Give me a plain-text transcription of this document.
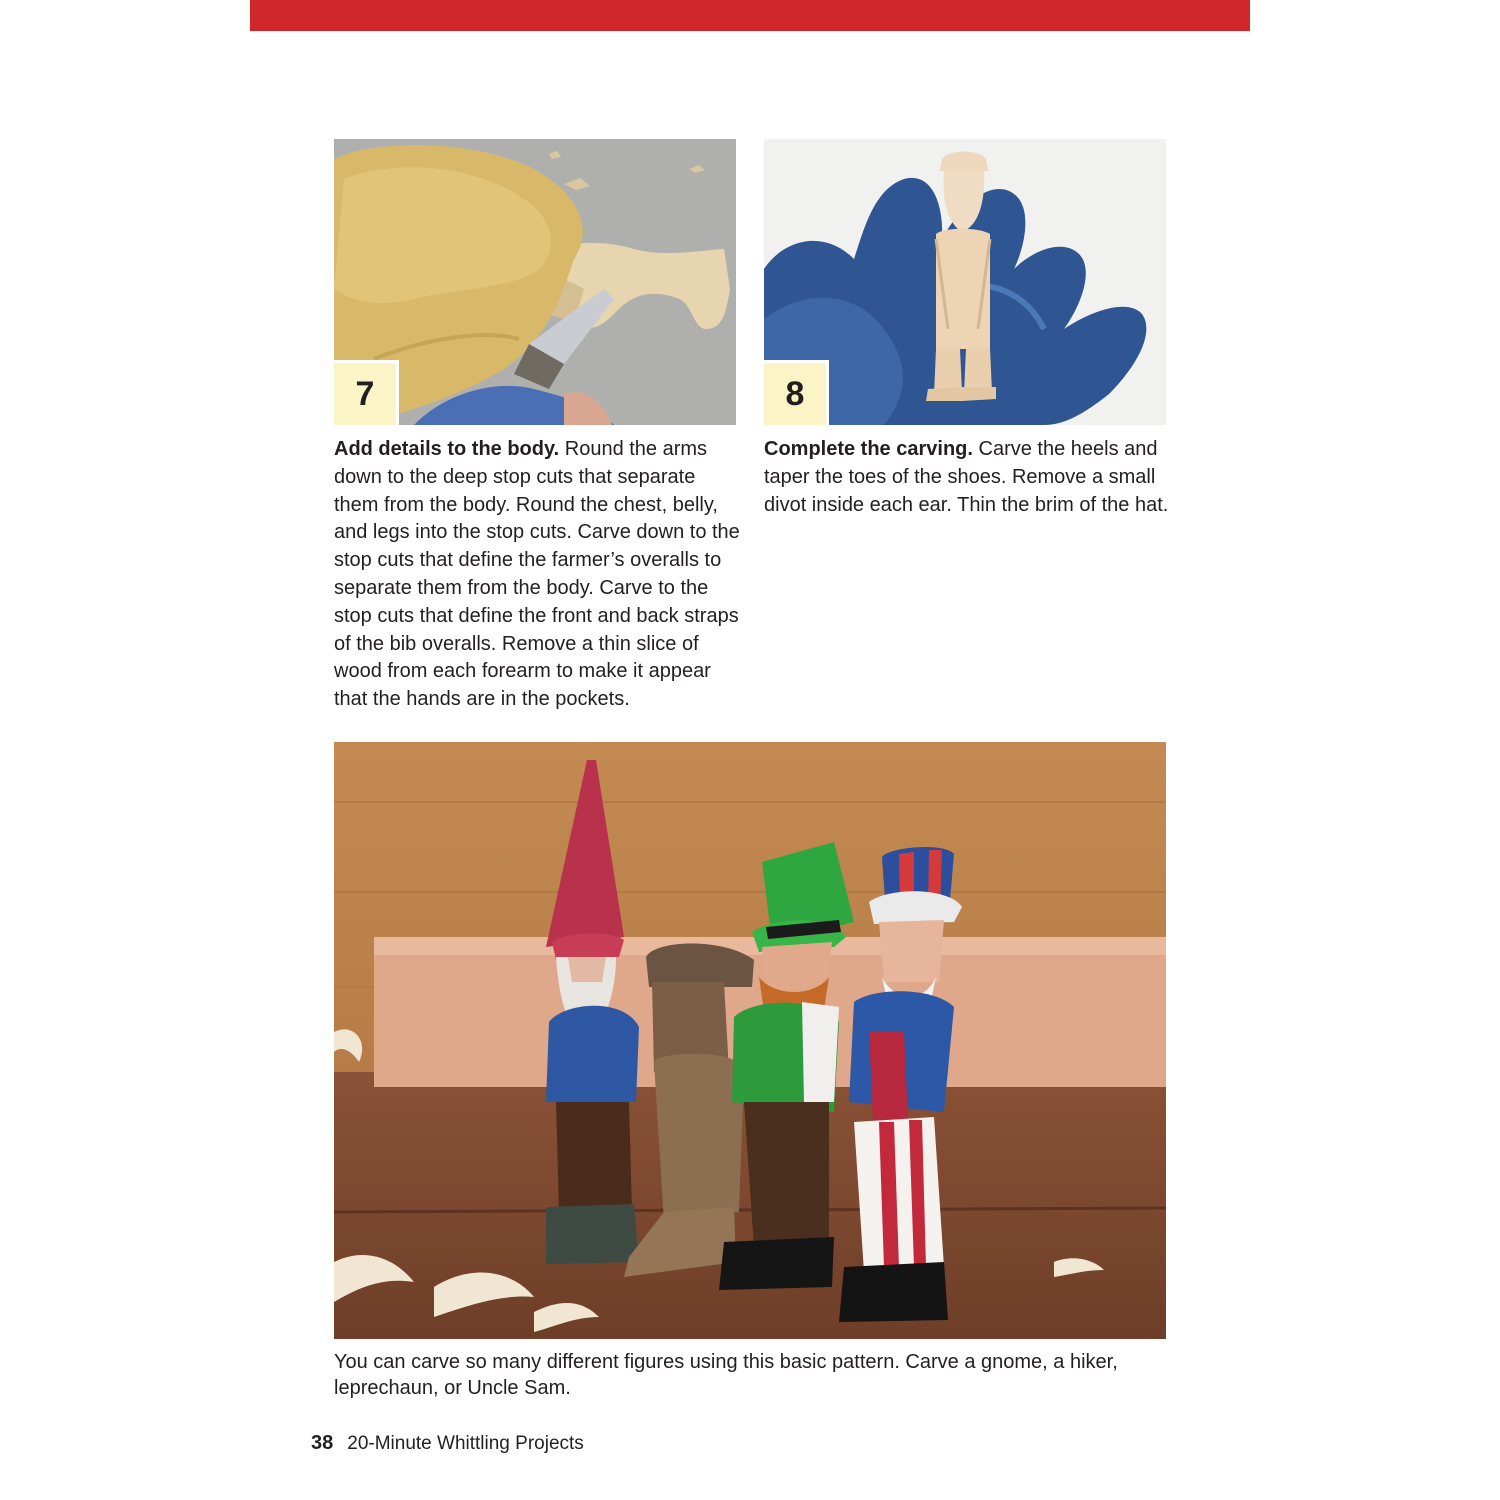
7	8
Add details to the body. Round the arms down to the deep stop cuts that separate them from the body. Round the chest, belly, and legs into the stop cuts. Carve down to the stop cuts that define the farmer’s overalls to separate them from the body. Carve to the stop cuts that define the front and back straps of the bib overalls. Remove a thin slice of wood from each forearm to make it appear that the hands are in the pockets.
Complete the carving. Carve the heels and taper the toes of the shoes. Remove a small divot inside each ear. Thin the brim of the hat.
You can carve so many different figures using this basic pattern. Carve a gnome, a hiker, leprechaun, or Uncle Sam.
38 20-Minute Whittling Projects
